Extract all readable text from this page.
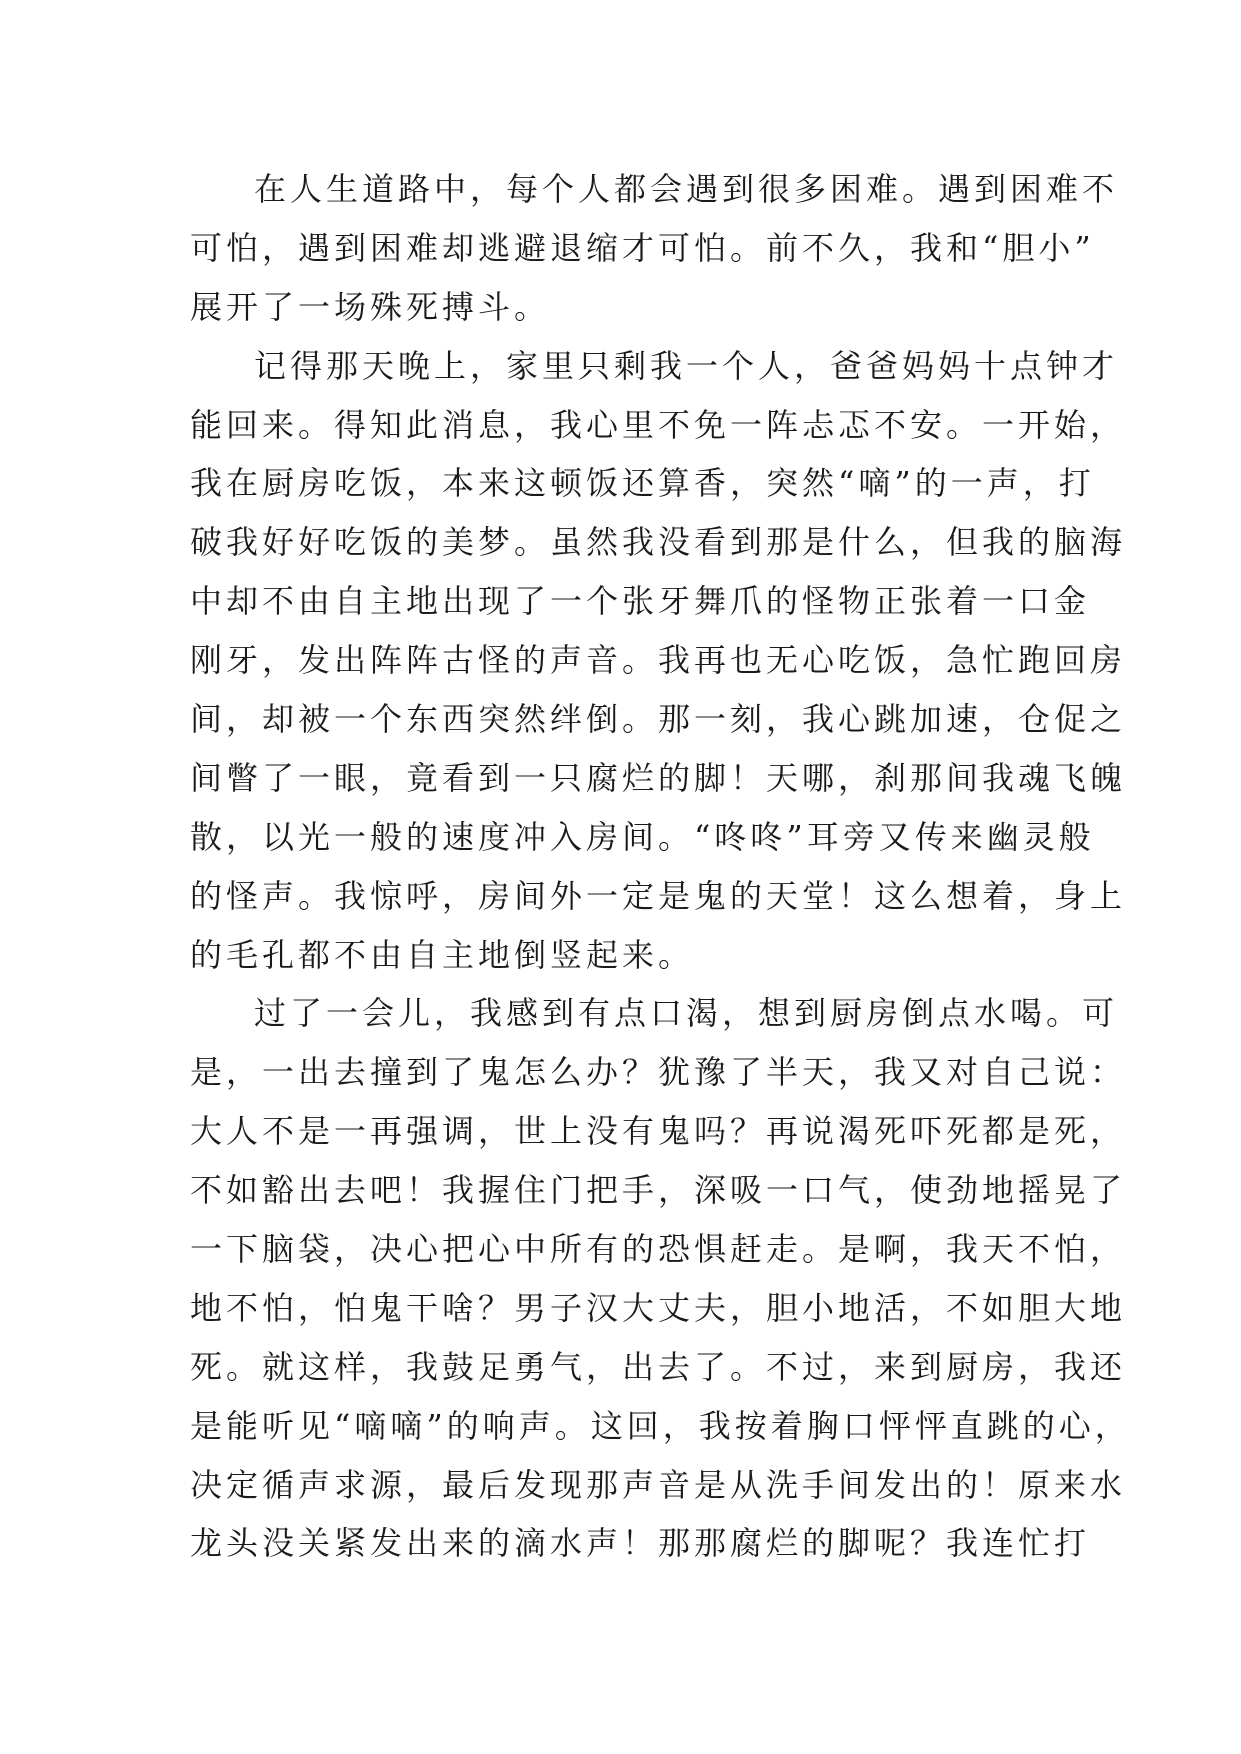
在人生道路中，每个人都会遇到很多困难。遇到困难不
可怕，遇到困难却逃避退缩才可怕。前不久，我和“胆小”
展开了一场殊死搏斗。
记得那天晚上，家里只剩我一个人，爸爸妈妈十点钟才
能回来。得知此消息，我心里不免一阵忐忑不安。一开始，
我在厨房吃饭，本来这顿饭还算香，突然“嘀”的一声，打
破我好好吃饭的美梦。虽然我没看到那是什么，但我的脑海
中却不由自主地出现了一个张牙舞爪的怪物正张着一口金
刚牙，发出阵阵古怪的声音。我再也无心吃饭，急忙跑回房
间，却被一个东西突然绊倒。那一刻，我心跳加速，仓促之
间瞥了一眼，竟看到一只腐烂的脚！天哪，刹那间我魂飞魄
散，以光一般的速度冲入房间。“咚咚”耳旁又传来幽灵般
的怪声。我惊呼，房间外一定是鬼的天堂！这么想着，身上
的毛孔都不由自主地倒竖起来。
过了一会儿，我感到有点口渴，想到厨房倒点水喝。可
是，一出去撞到了鬼怎么办？犹豫了半天，我又对自己说：
大人不是一再强调，世上没有鬼吗？再说渴死吓死都是死，
不如豁出去吧！我握住门把手，深吸一口气，使劲地摇晃了
一下脑袋，决心把心中所有的恐惧赶走。是啊，我天不怕，
地不怕，怕鬼干啥？男子汉大丈夫，胆小地活，不如胆大地
死。就这样，我鼓足勇气，出去了。不过，来到厨房，我还
是能听见“嘀嘀”的响声。这回，我按着胸口怦怦直跳的心，
决定循声求源，最后发现那声音是从洗手间发出的！原来水
龙头没关紧发出来的滴水声！那那腐烂的脚呢？我连忙打
